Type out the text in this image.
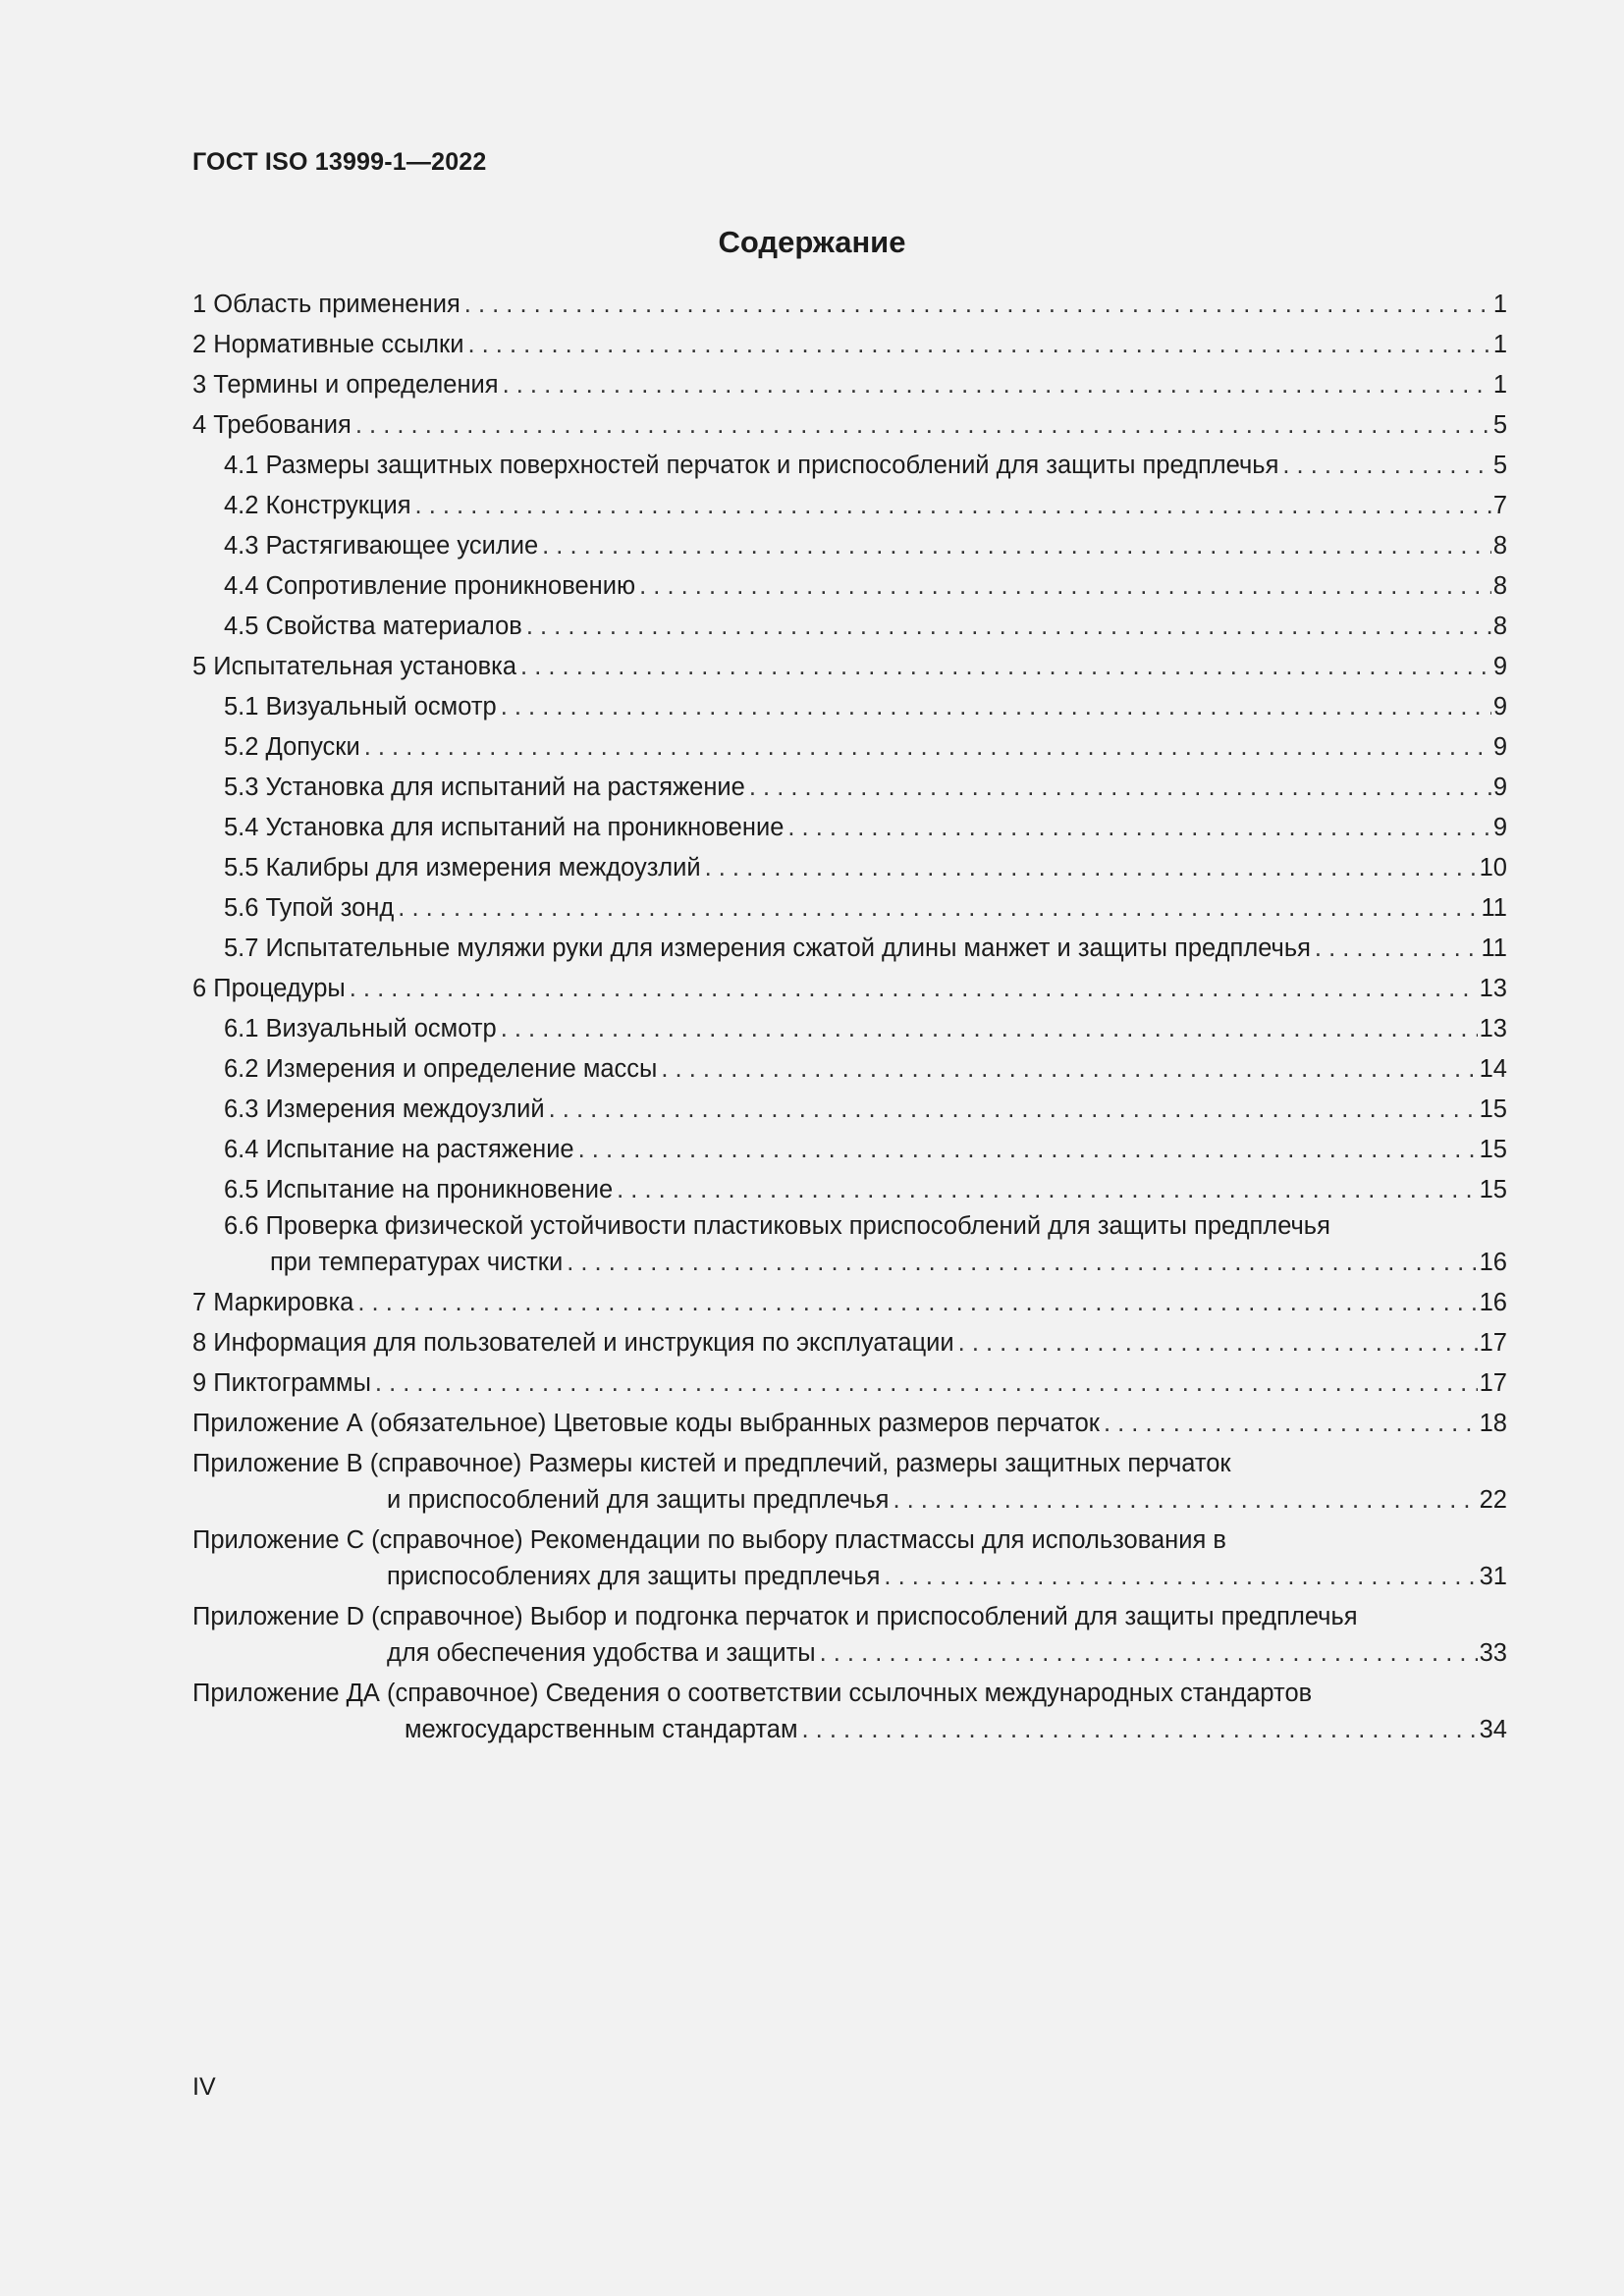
ГОСТ ISO 13999-1—2022
Содержание
1 Область применения . . .	1
2 Нормативные ссылки . . .	1
3 Термины и определения . . .	1
4 Требования . . .	5
4.1 Размеры защитных поверхностей перчаток и приспособлений для защиты предплечья . . .	5
4.2 Конструкция . . .	7
4.3 Растягивающее усилие . . .	8
4.4 Сопротивление проникновению . . .	8
4.5 Свойства материалов . . .	8
5 Испытательная установка . . .	9
5.1 Визуальный осмотр . . .	9
5.2 Допуски . . .	9
5.3 Установка для испытаний на растяжение . . .	9
5.4 Установка для испытаний на проникновение . . .	9
5.5 Калибры для измерения междоузлий . . .	10
5.6 Тупой зонд . . .	11
5.7 Испытательные муляжи руки для измерения сжатой длины манжет и защиты предплечья . . .	11
6 Процедуры . . .	13
6.1 Визуальный осмотр . . .	13
6.2 Измерения и определение массы . . .	14
6.3 Измерения междоузлий . . .	15
6.4 Испытание на растяжение . . .	15
6.5 Испытание на проникновение . . .	15
6.6 Проверка физической устойчивости пластиковых приспособлений для защиты предплечья
при температурах чистки . . .	16
7 Маркировка . . .	16
8 Информация для пользователей и инструкция по эксплуатации . . .	17
9 Пиктограммы . . .	17
Приложение А (обязательное) Цветовые коды выбранных размеров перчаток . . .	18
Приложение В (справочное) Размеры кистей и предплечий, размеры защитных перчаток
и приспособлений для защиты предплечья . . .	22
Приложение С (справочное) Рекомендации по выбору пластмассы для использования в
приспособлениях для защиты предплечья . . .	31
Приложение D (справочное) Выбор и подгонка перчаток и приспособлений для защиты предплечья
для обеспечения удобства и защиты . . .	33
Приложение ДА (справочное) Сведения о соответствии ссылочных международных стандартов
межгосударственным стандартам . . .	34
IV
